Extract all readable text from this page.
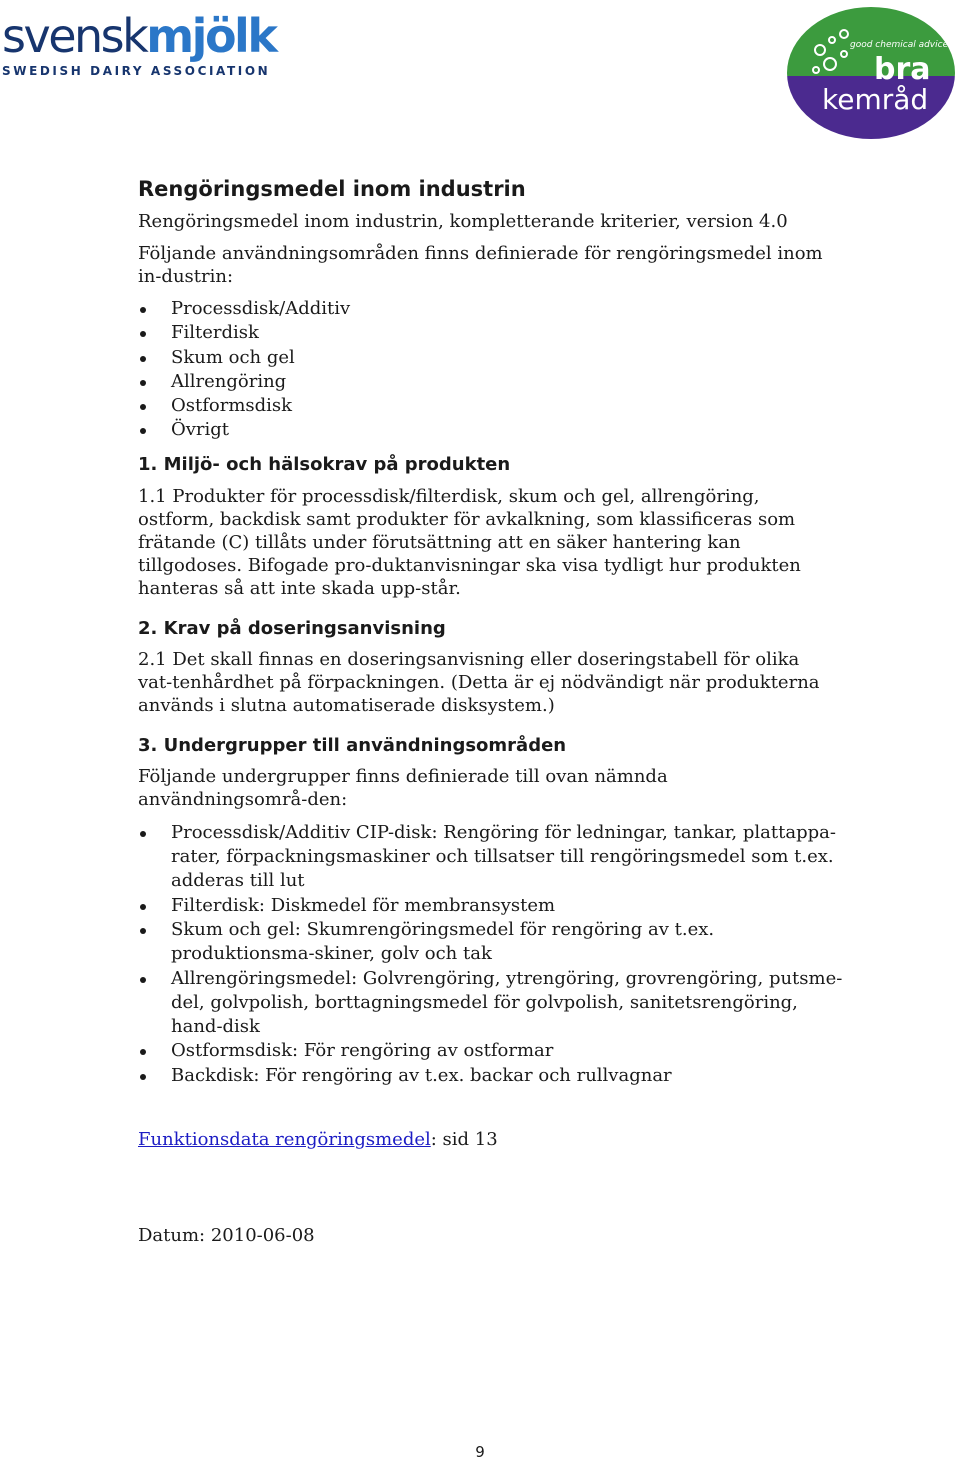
svenskmjölk
SWEDISH DAIRY ASSOCIATION
good chemical advice
bra
kemråd
Rengöringsmedel inom industrin

Rengöringsmedel inom industrin, kompletterande kriterier, version 4.0

Följande användningsområden finns definierade för rengöringsmedel inom in-dustrin:

Processdisk/Additiv
Filterdisk
Skum och gel
Allrengöring
Ostformsdisk
Övrigt
1. Miljö- och hälsokrav på produkten

1.1 Produkter för processdisk/filterdisk, skum och gel, allrengöring, ostform, backdisk samt produkter för avkalkning, som klassificeras som frätande (C) tillåts under förutsättning att en säker hantering kan tillgodoses. Bifogade pro-duktanvisningar ska visa tydligt hur produkten hanteras så att inte skada upp-står.

2. Krav på doseringsanvisning

2.1 Det skall finnas en doseringsanvisning eller doseringstabell för olika vat-tenhårdhet på förpackningen. (Detta är ej nödvändigt när produkterna används i slutna automatiserade disksystem.)

3. Undergrupper till användningsområden

Följande undergrupper finns definierade till ovan nämnda användningsområ-den:

Processdisk/Additiv CIP-disk: Rengöring för ledningar, tankar, plattappa-rater, förpackningsmaskiner och tillsatser till rengöringsmedel som t.ex. adderas till lut
Filterdisk: Diskmedel för membransystem
Skum och gel: Skumrengöringsmedel för rengöring av t.ex. produktionsma-skiner, golv och tak
Allrengöringsmedel: Golvrengöring, ytrengöring, grovrengöring, putsme-del, golvpolish, borttagningsmedel för golvpolish, sanitetsrengöring, hand-disk
Ostformsdisk: För rengöring av ostformar
Backdisk: För rengöring av t.ex. backar och rullvagnar

Funktionsdata rengöringsmedel: sid 13

Datum: 2010-06-08

9
